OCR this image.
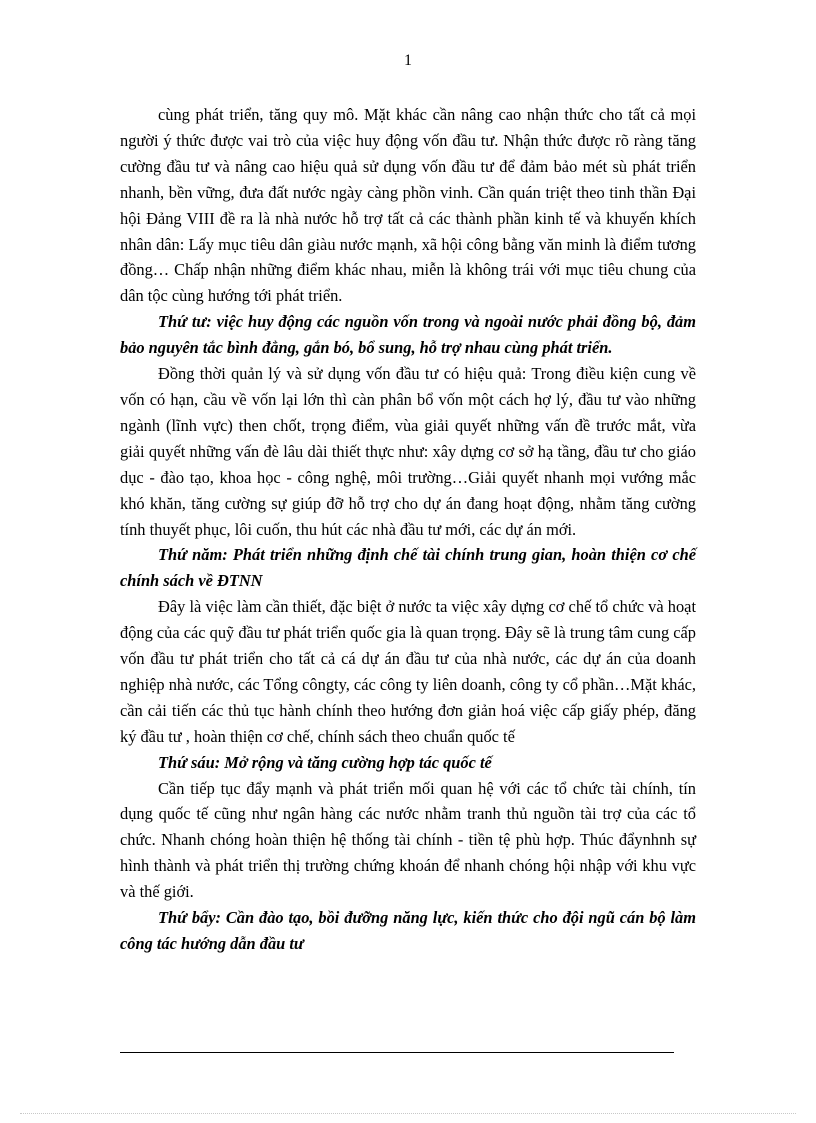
1

cùng phát triển, tăng quy mô. Mặt khác cần nâng cao nhận thức cho tất cả mọi người ý thức được vai trò của việc huy động vốn đầu tư. Nhận thức được rõ ràng tăng cường đầu tư và nâng cao hiệu quả sử dụng vốn đầu tư để đảm bảo mét sù phát triển nhanh, bền vững, đưa đất nước ngày càng phồn vinh. Cần quán triệt theo tinh thần Đại hội Đảng VIII đề ra là nhà nước hỗ trợ tất cả các thành phần kinh tế và khuyến khích nhân dân: Lấy mục tiêu dân giàu nước mạnh, xã hội công bằng văn minh là điểm tương đồng… Chấp nhận những điểm khác nhau, miễn là không trái với mục tiêu chung của dân tộc cùng hướng tới phát triển.

Thứ tư: việc huy động các nguồn vốn trong và ngoài nước phải đồng bộ, đảm bảo nguyên tắc bình đẳng, gắn bó, bổ sung, hỗ trợ nhau cùng phát triển.

Đồng thời quản lý và sử dụng vốn đầu tư có hiệu quả: Trong điều kiện cung về vốn có hạn, cầu về vốn lại lớn thì càn phân bổ vốn một cách hợ lý, đầu tư vào những ngành (lĩnh vực) then chốt, trọng điểm, vùa giải quyết những vấn đề trước mắt, vừa giải quyết những vấn đè lâu dài thiết thực như: xây dựng cơ sở hạ tầng, đầu tư cho giáo dục - đào tạo, khoa học - công nghệ, môi trường…Giải quyết nhanh mọi vướng mắc khó khăn, tăng cường sự giúp đỡ hỗ trợ cho dự án đang hoạt động, nhằm tăng cường tính thuyết phục, lôi cuốn, thu hút các nhà đầu tư mới, các dự án mới.

Thứ năm: Phát triển những định chế tài chính trung gian, hoàn thiện cơ chế chính sách về ĐTNN

Đây là việc làm cần thiết, đặc biệt ở nước ta việc xây dựng cơ chế tổ chức và hoạt động của các quỹ đầu tư phát triển quốc gia là quan trọng. Đây sẽ là trung tâm cung cấp vốn đầu tư phát triển cho tất cả cá dự án đầu tư của nhà nước, các dự án của doanh nghiệp nhà nước, các Tổng côngty, các công ty liên doanh, công ty cổ phần…Mặt khác, cần cải tiến các thủ tục hành chính theo hướng đơn giản hoá việc cấp giấy phép, đăng ký đầu tư , hoàn thiện cơ chế, chính sách theo chuẩn quốc tế

Thứ sáu: Mở rộng và tăng cường hợp tác quốc tế

Cần tiếp tục đẩy mạnh và phát triển mối quan hệ với các tổ chức tài chính, tín dụng quốc tế cũng như ngân hàng các nước nhằm tranh thủ nguồn tài trợ của các tổ chức. Nhanh chóng hoàn thiện hệ thống tài chính - tiền tệ phù hợp. Thúc đẩynhnh sự hình thành và phát triển thị trường chứng khoán để nhanh chóng hội nhập với khu vực và thế giới.

Thứ bẩy: Cần đào tạo, bồi đưỡng năng lực, kiến thức cho đội ngũ cán bộ làm công tác hướng dẫn đầu tư
